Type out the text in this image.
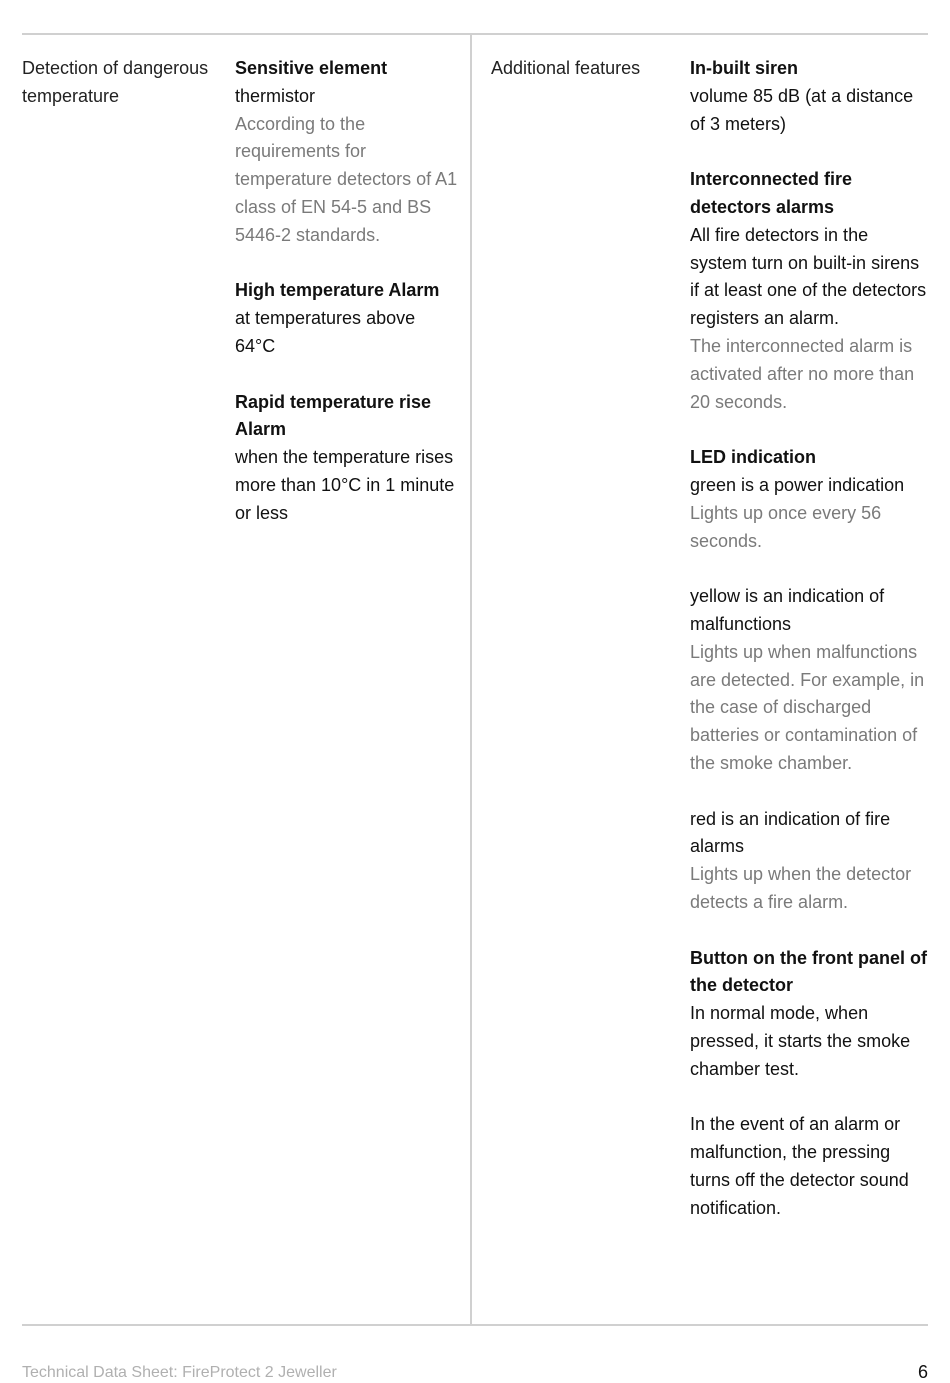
Detection of dangerous temperature
Sensitive element
thermistor
According to the requirements for temperature detectors of A1 class of EN 54-5 and BS 5446-2 standards.
High temperature Alarm
at temperatures above 64°C
Rapid temperature rise Alarm
when the temperature rises more than 10°C in 1 minute or less
Additional features	In-built siren
volume 85 dB (at a distance of 3 meters)
Interconnected fire detectors alarms
All fire detectors in the system turn on built-in sirens if at least one of the detectors registers an alarm.
The interconnected alarm is activated after no more than 20 seconds.
LED indication
green is a power indication
Lights up once every 56 seconds.
yellow is an indication of malfunctions
Lights up when malfunctions are detected. For example, in the case of discharged batteries or contamination of the smoke chamber.
red is an indication of fire alarms
Lights up when the detector detects a fire alarm.
Button on the front panel of the detector
In normal mode, when pressed, it starts the smoke chamber test.
In the event of an alarm or malfunction, the pressing turns off the detector sound notification.
Technical Data Sheet: FireProtect 2 Jeweller	6
